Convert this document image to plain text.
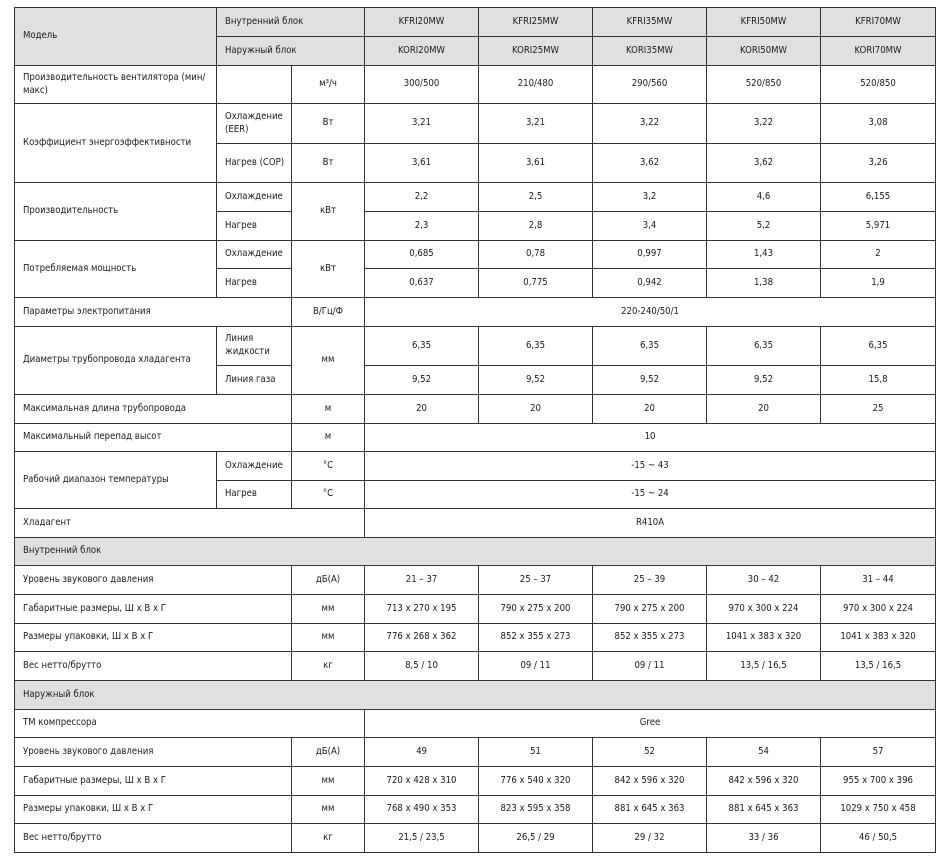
Модель	Внутренний блок		KFRI20MW	KFRI25MW	KFRI35MW	KFRI50MW	KFRI70MW
	Наружный блок		KORI20MW	KORI25MW	KORI35MW	KORI50MW	KORI70MW
Производительность вентилятора (мин/макс)		м³/ч	300/500	210/480	290/560	520/850	520/850
Коэффициент энергоэффективности	Охлаждение (EER)	Вт	3,21	3,21	3,22	3,22	3,08
	Нагрев (COP)	Вт	3,61	3,61	3,62	3,62	3,26
Производительность	Охлаждение	кВт	2,2	2,5	3,2	4,6	6,155
	Нагрев		2,3	2,8	3,4	5,2	5,971
Потребляемая мощность	Охлаждение	кВт	0,685	0,78	0,997	1,43	2
	Нагрев		0,637	0,775	0,942	1,38	1,9
Параметры электропитания		В/Гц/Ф	220-240/50/1				
Диаметры трубопровода хладагента	Линия жидкости	мм	6,35	6,35	6,35	6,35	6,35
	Линия газа		9,52	9,52	9,52	9,52	15,8
Максимальная длина трубопровода		м	20	20	20	20	25
Максимальный перепад высот		м	10				
Рабочий диапазон температуры	Охлаждение	°С	-15 ~ 43				
	Нагрев	°С	-15 ~ 24				
Хладагент			R410A				
Внутренний блок							
Уровень звукового давления		дБ(А)	21 – 37	25 – 37	25 – 39	30 – 42	31 – 44
Габаритные размеры, Ш x В x Г		мм	713 x 270 x 195	790 x 275 x 200	790 x 275 x 200	970 x 300 x 224	970 x 300 x 224
Размеры упаковки, Ш x В x Г		мм	776 x 268 x 362	852 x 355 x 273	852 x 355 x 273	1041 x 383 x 320	1041 x 383 x 320
Вес нетто/брутто		кг	8,5 / 10	09 / 11	09 / 11	13,5 / 16,5	13,5 / 16,5
Наружный блок							
ТМ компрессора			Gree				
Уровень звукового давления		дБ(А)	49	51	52	54	57
Габаритные размеры, Ш x В x Г		мм	720 x 428 x 310	776 x 540 x 320	842 x 596 x 320	842 x 596 x 320	955 x 700 x 396
Размеры упаковки, Ш x В x Г		мм	768 x 490 x 353	823 x 595 x 358	881 x 645 x 363	881 x 645 x 363	1029 x 750 x 458
Вес нетто/брутто		кг	21,5 / 23,5	26,5 / 29	29 / 32	33 / 36	46 / 50,5
